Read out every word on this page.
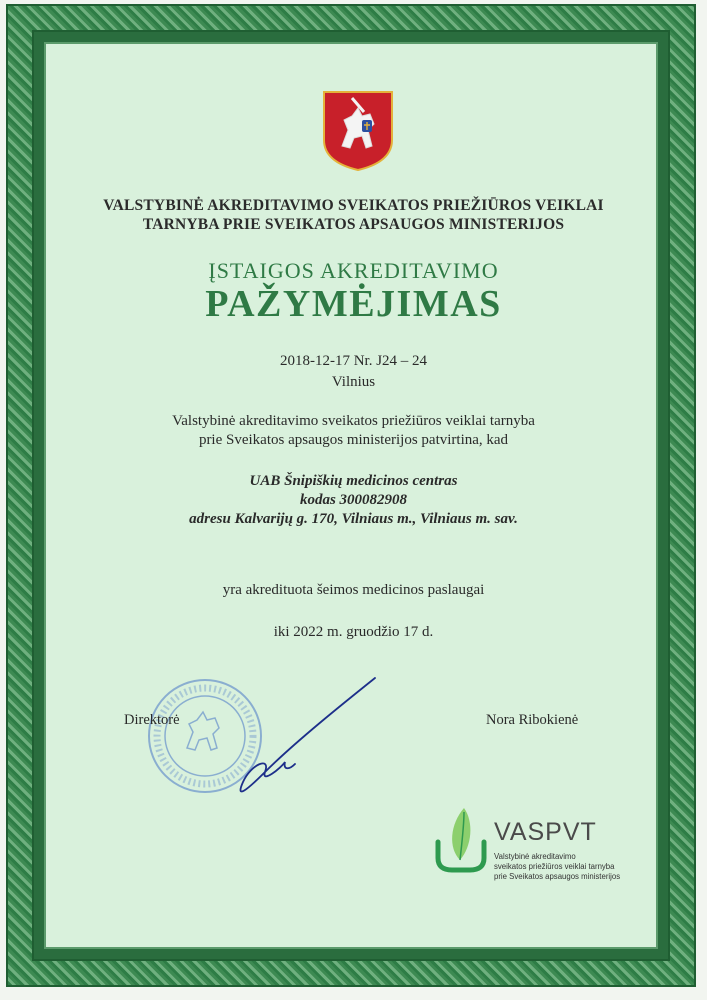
VALSTYBINĖ AKREDITAVIMO SVEIKATOS PRIEŽIŪROS VEIKLAI
TARNYBA PRIE SVEIKATOS APSAUGOS MINISTERIJOS
ĮSTAIGOS AKREDITAVIMO
PAŽYMĖJIMAS
2018-12-17 Nr. J24 – 24
Vilnius
Valstybinė akreditavimo sveikatos priežiūros veiklai tarnyba
prie Sveikatos apsaugos ministerijos patvirtina, kad
UAB Šnipiškių medicinos centras
kodas 300082908
adresu Kalvarijų g. 170, Vilniaus m., Vilniaus m. sav.
yra akredituota šeimos medicinos paslaugai
iki 2022 m. gruodžio 17 d.
Direktorė	Nora Ribokienė
VASPVT
Valstybinė akreditavimo
sveikatos priežiūros veiklai tarnyba
prie Sveikatos apsaugos ministerijos
